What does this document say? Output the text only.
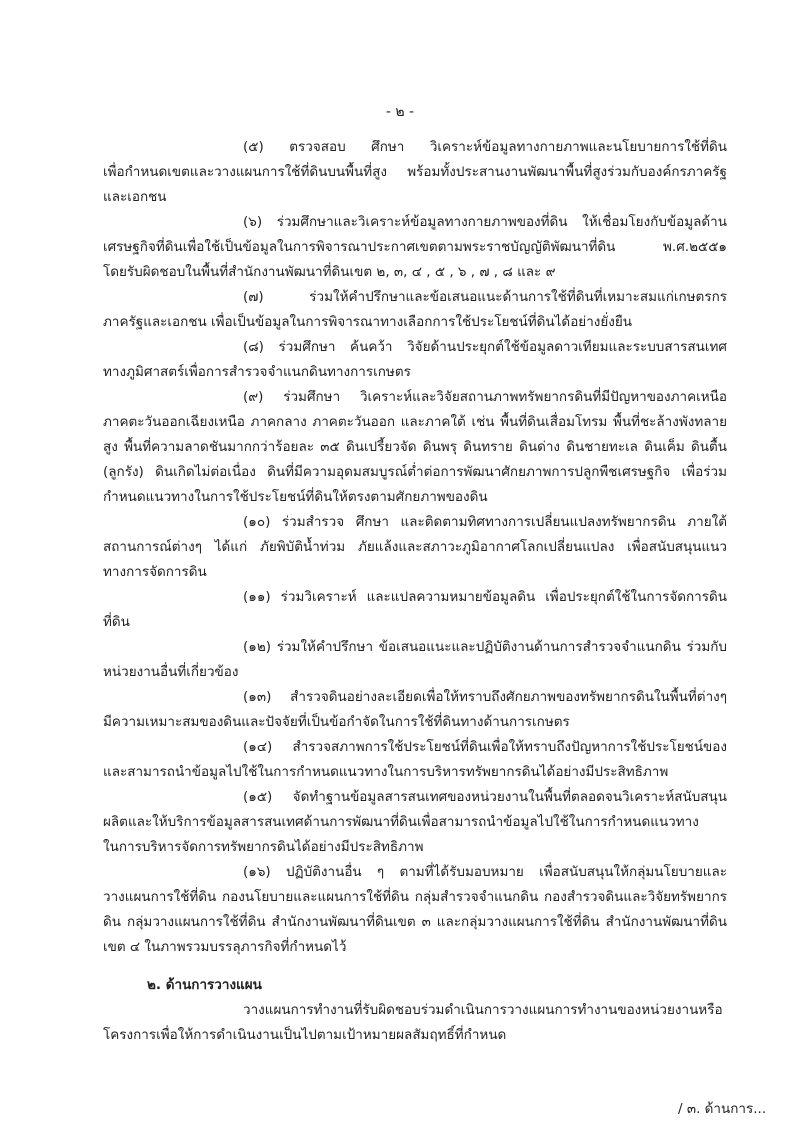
- ๒ -
(๕) ตรวจสอบ ศึกษา วิเคราะห์ข้อมูลทางกายภาพและนโยบายการใช้ที่ดิน
เพื่อกำหนดเขตและวางแผนการใช้ที่ดินบนพื้นที่สูง พร้อมทั้งประสานงานพัฒนาพื้นที่สูงร่วมกับองค์กรภาครัฐ
และเอกชน
(๖) ร่วมศึกษาและวิเคราะห์ข้อมูลทางกายภาพของที่ดิน ให้เชื่อมโยงกับข้อมูลด้าน
เศรษฐกิจที่ดินเพื่อใช้เป็นข้อมูลในการพิจารณาประกาศเขตตามพระราชบัญญัติพัฒนาที่ดิน พ.ศ.๒๕๕๑
โดยรับผิดชอบในพื้นที่สำนักงานพัฒนาที่ดินเขต ๒, ๓, ๔ , ๕ , ๖ , ๗ , ๘ และ ๙
(๗) ร่วมให้คำปรึกษาและข้อเสนอแนะด้านการใช้ที่ดินที่เหมาะสมแก่เกษตรกร
ภาครัฐและเอกชน เพื่อเป็นข้อมูลในการพิจารณาทางเลือกการใช้ประโยชน์ที่ดินได้อย่างยั่งยืน
(๘) ร่วมศึกษา ค้นคว้า วิจัยด้านประยุกต์ใช้ข้อมูลดาวเทียมและระบบสารสนเทศ
ทางภูมิศาสตร์เพื่อการสำรวจจำแนกดินทางการเกษตร
(๙) ร่วมศึกษา วิเคราะห์และวิจัยสถานภาพทรัพยากรดินที่มีปัญหาของภาคเหนือ
ภาคตะวันออกเฉียงเหนือ ภาคกลาง ภาคตะวันออก และภาคใต้ เช่น พื้นที่ดินเสื่อมโทรม พื้นที่ชะล้างพังทลาย
สูง พื้นที่ความลาดชันมากกว่าร้อยละ ๓๕ ดินเปรี้ยวจัด ดินพรุ ดินทราย ดินด่าง ดินชายทะเล ดินเค็ม ดินตื้น
(ลูกรัง) ดินเกิดไม่ต่อเนื่อง ดินที่มีความอุดมสมบูรณ์ต่ำต่อการพัฒนาศักยภาพการปลูกพืชเศรษฐกิจ เพื่อร่วม
กำหนดแนวทางในการใช้ประโยชน์ที่ดินให้ตรงตามศักยภาพของดิน
(๑๐) ร่วมสำรวจ ศึกษา และติดตามทิศทางการเปลี่ยนแปลงทรัพยากรดิน ภายใต้
สถานการณ์ต่างๆ ได้แก่ ภัยพิบัติน้ำท่วม ภัยแล้งและสภาวะภูมิอากาศโลกเปลี่ยนแปลง เพื่อสนับสนุนแนว
ทางการจัดการดิน
(๑๑) ร่วมวิเคราะห์ และแปลความหมายข้อมูลดิน เพื่อประยุกต์ใช้ในการจัดการดิน
ที่ดิน
(๑๒) ร่วมให้คำปรึกษา ข้อเสนอแนะและปฏิบัติงานด้านการสำรวจจำแนกดิน ร่วมกับ
หน่วยงานอื่นที่เกี่ยวข้อง
(๑๓) สำรวจดินอย่างละเอียดเพื่อให้ทราบถึงศักยภาพของทรัพยากรดินในพื้นที่ต่างๆ
มีความเหมาะสมของดินและปัจจัยที่เป็นข้อกำจัดในการใช้ที่ดินทางด้านการเกษตร
(๑๔) สำรวจสภาพการใช้ประโยชน์ที่ดินเพื่อให้ทราบถึงปัญหาการใช้ประโยชน์ของ
และสามารถนำข้อมูลไปใช้ในการกำหนดแนวทางในการบริหารทรัพยากรดินได้อย่างมีประสิทธิภาพ
(๑๕) จัดทำฐานข้อมูลสารสนเทศของหน่วยงานในพื้นที่ตลอดจนวิเคราะห์สนับสนุน
ผลิตและให้บริการข้อมูลสารสนเทศด้านการพัฒนาที่ดินเพื่อสามารถนำข้อมูลไปใช้ในการกำหนดแนวทาง
ในการบริหารจัดการทรัพยากรดินได้อย่างมีประสิทธิภาพ
(๑๖) ปฏิบัติงานอื่น ๆ ตามที่ได้รับมอบหมาย เพื่อสนับสนุนให้กลุ่มนโยบายและ
วางแผนการใช้ที่ดิน กองนโยบายและแผนการใช้ที่ดิน กลุ่มสำรวจจำแนกดิน กองสำรวจดินและวิจัยทรัพยากร
ดิน กลุ่มวางแผนการใช้ที่ดิน สำนักงานพัฒนาที่ดินเขต ๓ และกลุ่มวางแผนการใช้ที่ดิน สำนักงานพัฒนาที่ดิน
เขต ๔ ในภาพรวมบรรลุภารกิจที่กำหนดไว้
๒. ด้านการวางแผน
วางแผนการทำงานที่รับผิดชอบร่วมดำเนินการวางแผนการทำงานของหน่วยงานหรือ
โครงการเพื่อให้การดำเนินงานเป็นไปตามเป้าหมายผลสัมฤทธิ์ที่กำหนด
/ ๓. ด้านการ...
